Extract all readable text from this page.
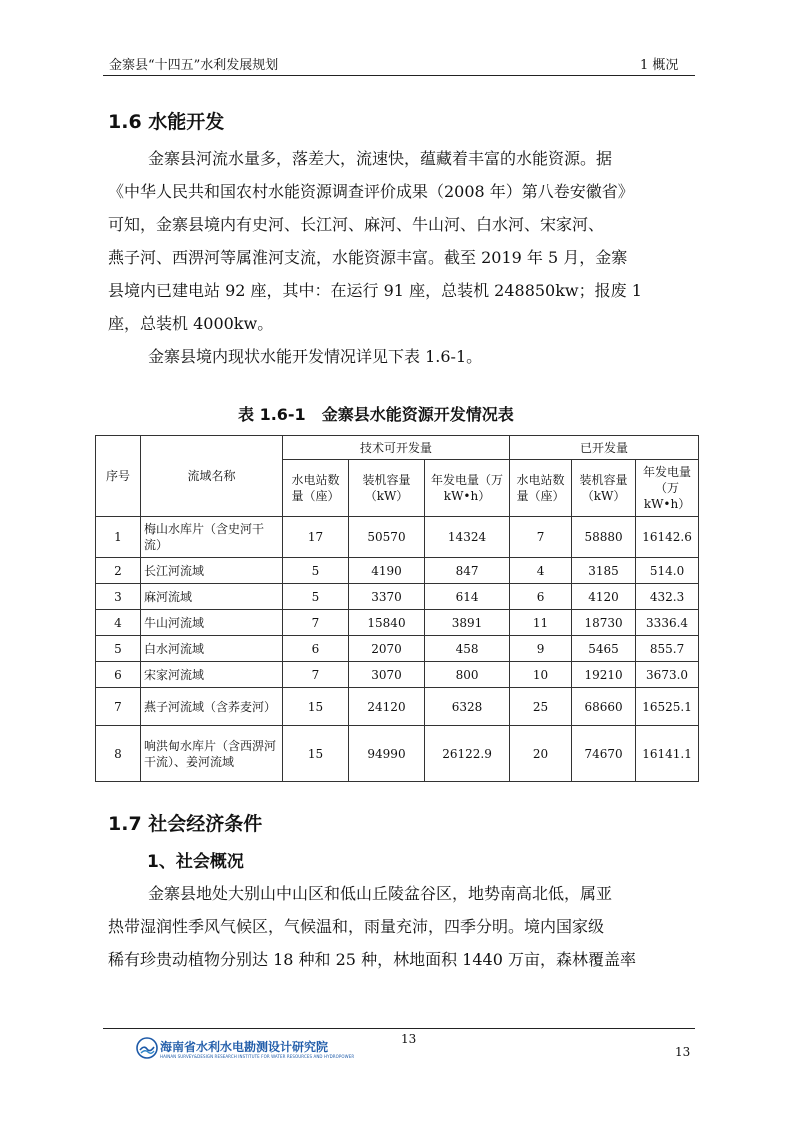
金寨县“十四五”水利发展规划	1 概况
1.6 水能开发
金寨县河流水量多，落差大，流速快，蕴藏着丰富的水能资源。据
《中华人民共和国农村水能资源调查评价成果（2008 年）第八卷安徽省》
可知，金寨县境内有史河、长江河、麻河、牛山河、白水河、宋家河、
燕子河、西淠河等属淮河支流，水能资源丰富。截至 2019 年 5 月，金寨
县境内已建电站 92 座，其中：在运行 91 座，总装机 248850kw；报废 1
座，总装机 4000kw。
金寨县境内现状水能开发情况详见下表 1.6-1。
表 1.6-1　金寨县水能资源开发情况表
序号	流域名称	技术可开发量			已开发量		
		水电站数量（座）	装机容量（kW）	年发电量（万 kW•h）	水电站数量（座）	装机容量（kW）	年发电量（万kW•h）
1	梅山水库片（含史河干流）	17	50570	14324	7	58880	16142.6
2	长江河流域	5	4190	847	4	3185	514.0
3	麻河流域	5	3370	614	6	4120	432.3
4	牛山河流域	7	15840	3891	11	18730	3336.4
5	白水河流域	6	2070	458	9	5465	855.7
6	宋家河流域	7	3070	800	10	19210	3673.0
7	燕子河流域（含荞麦河）	15	24120	6328	25	68660	16525.1
8	响洪甸水库片（含西淠河干流）、姜河流域	15	94990	26122.9	20	74670	16141.1
1.7 社会经济条件
1、社会概况
金寨县地处大别山中山区和低山丘陵盆谷区，地势南高北低，属亚
热带湿润性季风气候区，气候温和，雨量充沛，四季分明。境内国家级
稀有珍贵动植物分别达 18 种和 25 种，林地面积 1440 万亩，森林覆盖率
海南省水利水电勘测设计研究院
HAINAN SURVEY&DESIGN RESEARCH INSTITUTE FOR WATER RESOURCES AND HYDROPOWER
13
13
